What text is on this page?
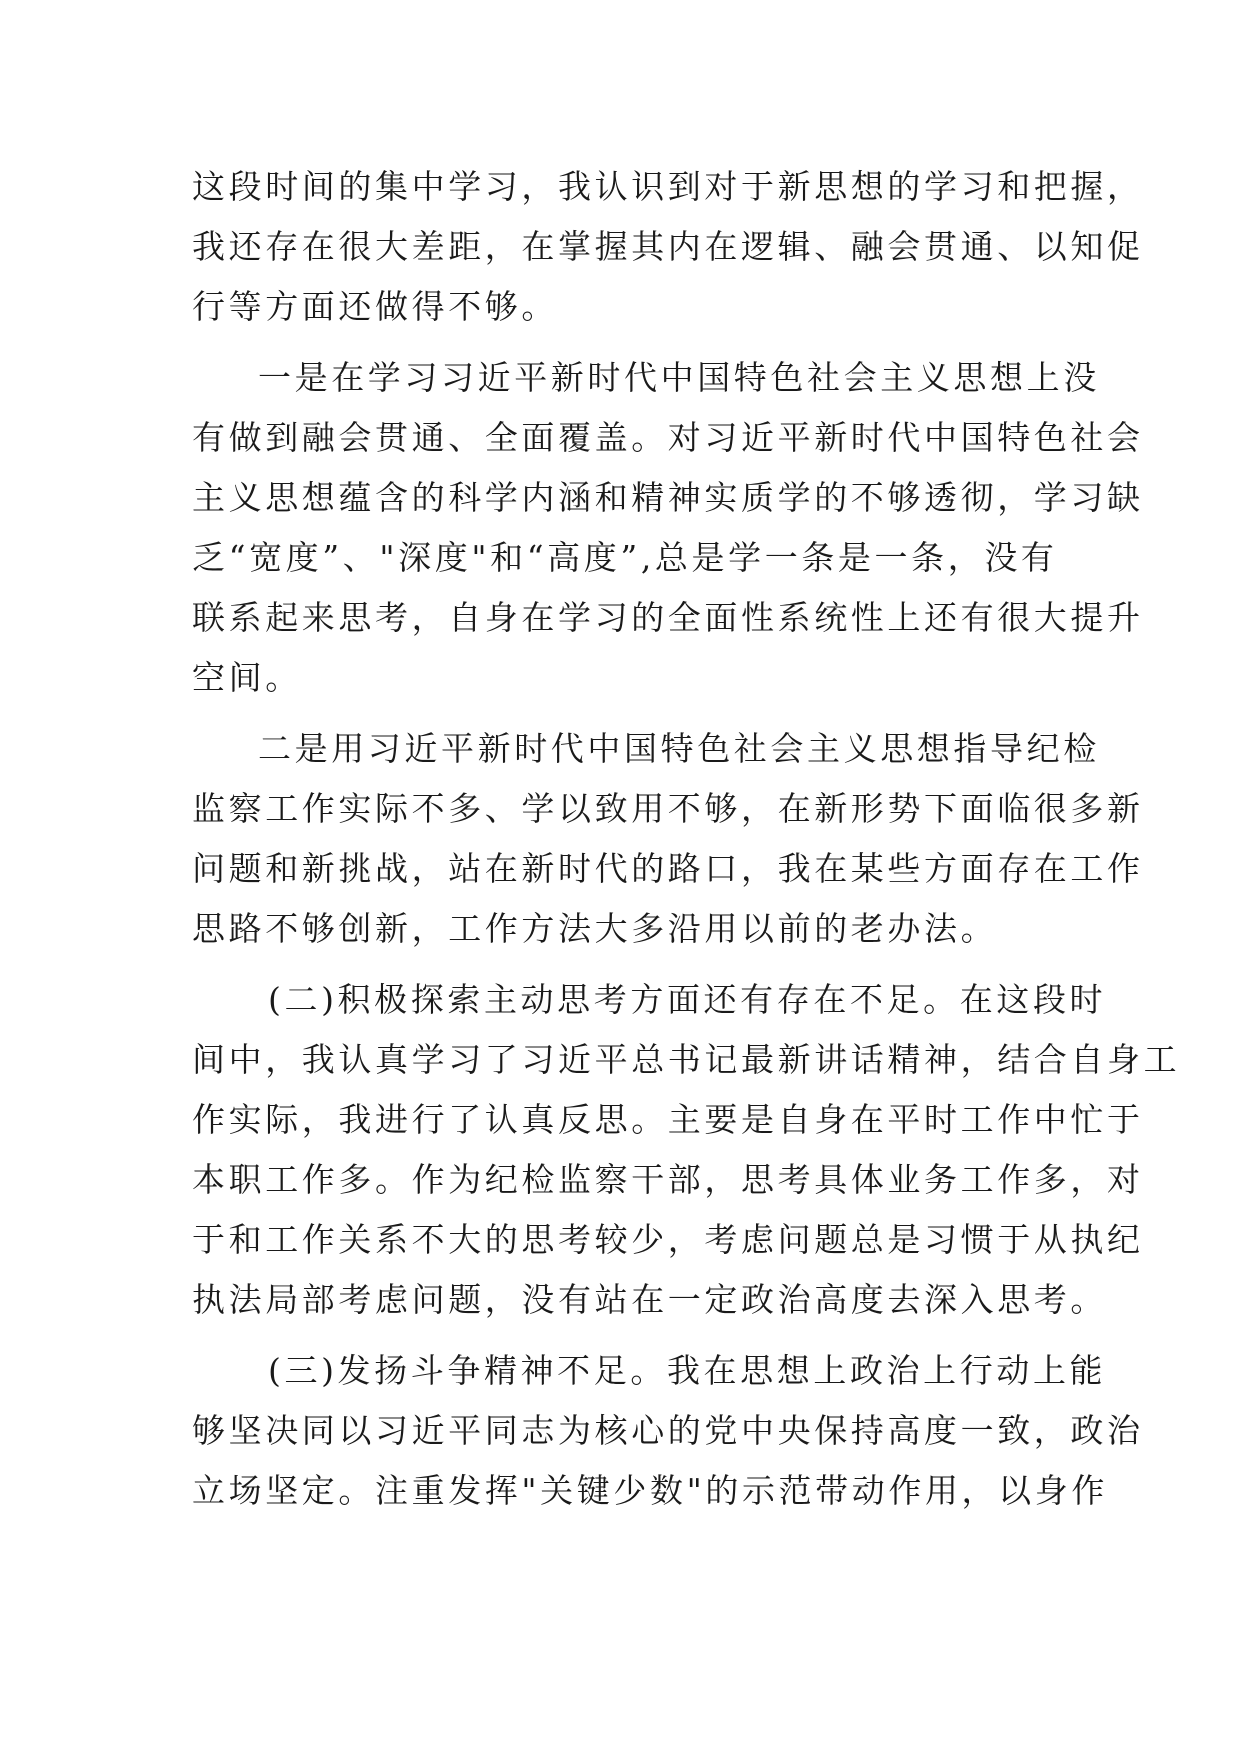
这段时间的集中学习，我认识到对于新思想的学习和把握，
我还存在很大差距，在掌握其内在逻辑、融会贯通、以知促
行等方面还做得不够。

一是在学习习近平新时代中国特色社会主义思想上没
有做到融会贯通、全面覆盖。对习近平新时代中国特色社会
主义思想蕴含的科学内涵和精神实质学的不够透彻，学习缺
乏“宽度”、"深度"和“高度”,总是学一条是一条，没有
联系起来思考，自身在学习的全面性系统性上还有很大提升
空间。

二是用习近平新时代中国特色社会主义思想指导纪检
监察工作实际不多、学以致用不够，在新形势下面临很多新
问题和新挑战，站在新时代的路口，我在某些方面存在工作
思路不够创新，工作方法大多沿用以前的老办法。

(二)积极探索主动思考方面还有存在不足。在这段时
间中，我认真学习了习近平总书记最新讲话精神，结合自身工
作实际，我进行了认真反思。主要是自身在平时工作中忙于
本职工作多。作为纪检监察干部，思考具体业务工作多，对
于和工作关系不大的思考较少，考虑问题总是习惯于从执纪
执法局部考虑问题，没有站在一定政治高度去深入思考。

(三)发扬斗争精神不足。我在思想上政治上行动上能
够坚决同以习近平同志为核心的党中央保持高度一致，政治
立场坚定。注重发挥"关键少数"的示范带动作用，以身作
